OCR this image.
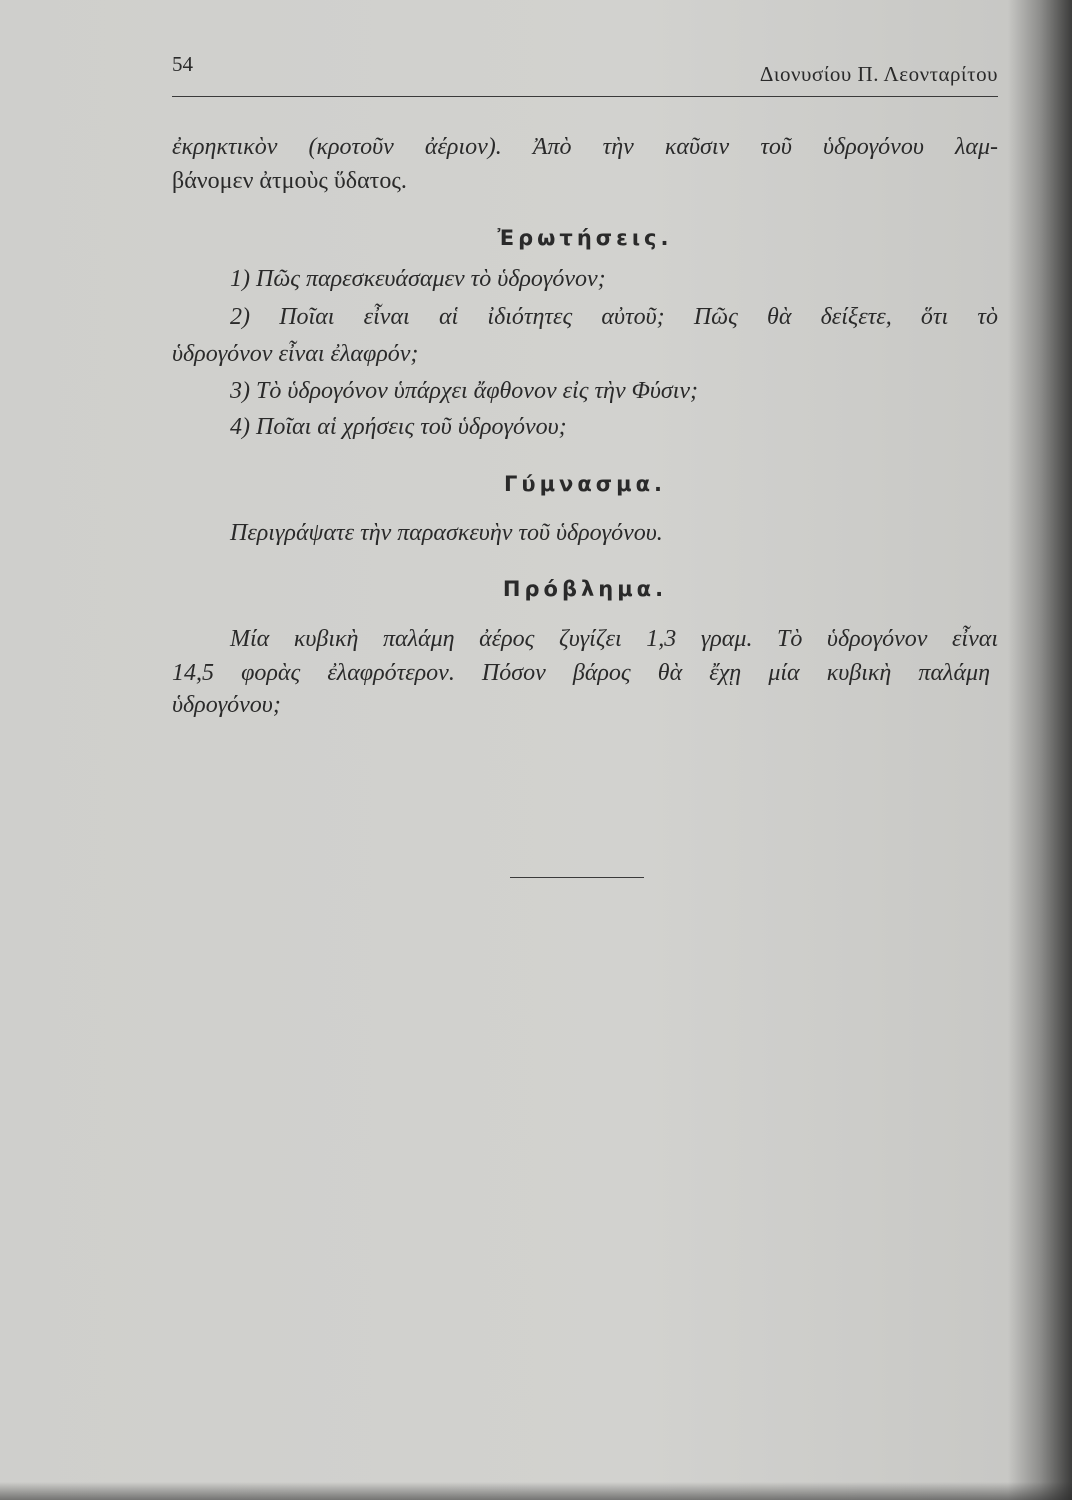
54	Διονυσίου Π. Λεονταρίτου
ἐκρηκτικὸν (κροτοῦν ἀέριον). Ἀπὸ τὴν καῦσιν τοῦ ὑδρογόνου λαμ-
βάνομεν ἀτμοὺς ὕδατος.
Ἐρωτήσεις.
1) Πῶς παρεσκευάσαμεν τὸ ὑδρογόνον;
2) Ποῖαι εἶναι αἱ ἰδιότητες αὐτοῦ; Πῶς θὰ δείξετε, ὅτι τὸ
ὑδρογόνον εἶναι ἐλαφρόν;
3) Τὸ ὑδρογόνον ὑπάρχει ἄφθονον εἰς τὴν Φύσιν;
4) Ποῖαι αἱ χρήσεις τοῦ ὑδρογόνου;
Γύμνασμα.
Περιγράψατε τὴν παρασκευὴν τοῦ ὑδρογόνου.
Πρόβλημα.
Μία κυβικὴ παλάμη ἀέρος ζυγίζει 1,3 γραμ. Τὸ ὑδρογόνον εἶναι
14,5 φορὰς ἐλαφρότερον. Πόσον βάρος θὰ ἔχῃ μία κυβικὴ παλάμη
ὑδρογόνου;
